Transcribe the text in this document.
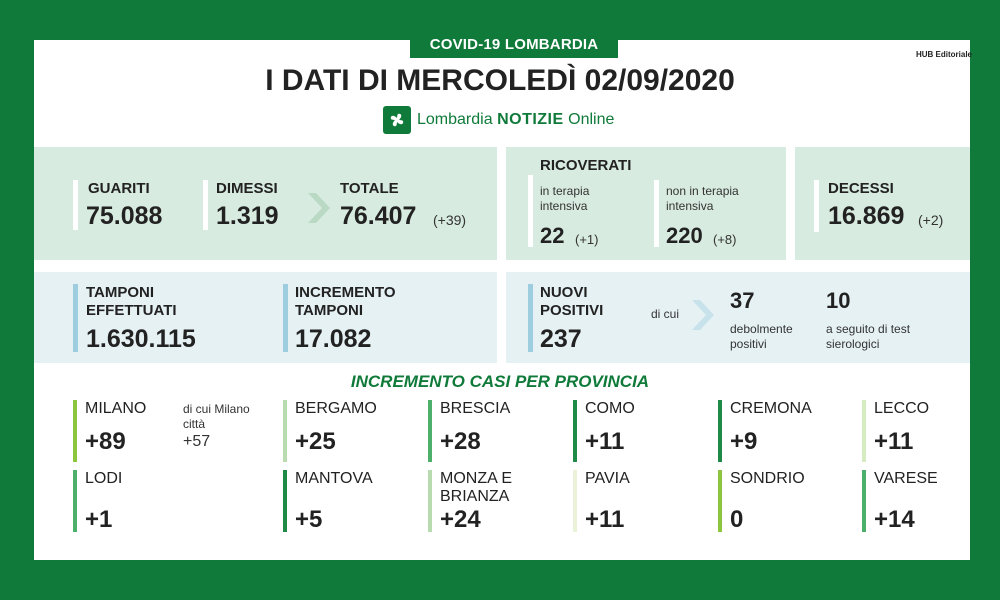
COVID-19 LOMBARDIA
HUB Editoriale
I DATI DI MERCOLEDÌ 02/09/2020
Lombardia NOTIZIE Online
GUARITI
75.088
DIMESSI
1.319
TOTALE
76.407 (+39)
RICOVERATI
in terapia intensiva
22 (+1)
non in terapia intensiva
220 (+8)
DECESSI
16.869 (+2)
TAMPONI EFFETTUATI
1.630.115
INCREMENTO TAMPONI
17.082
NUOVI POSITIVI
237
di cui
37
debolmente positivi
10
a seguito di test sierologici
INCREMENTO CASI PER PROVINCIA
MILANO
+89
di cui Milano città
+57
BERGAMO
+25
BRESCIA
+28
COMO
+11
CREMONA
+9
LECCO
+11
LODI
+1
MANTOVA
+5
MONZA E BRIANZA
+24
PAVIA
+11
SONDRIO
0
VARESE
+14
